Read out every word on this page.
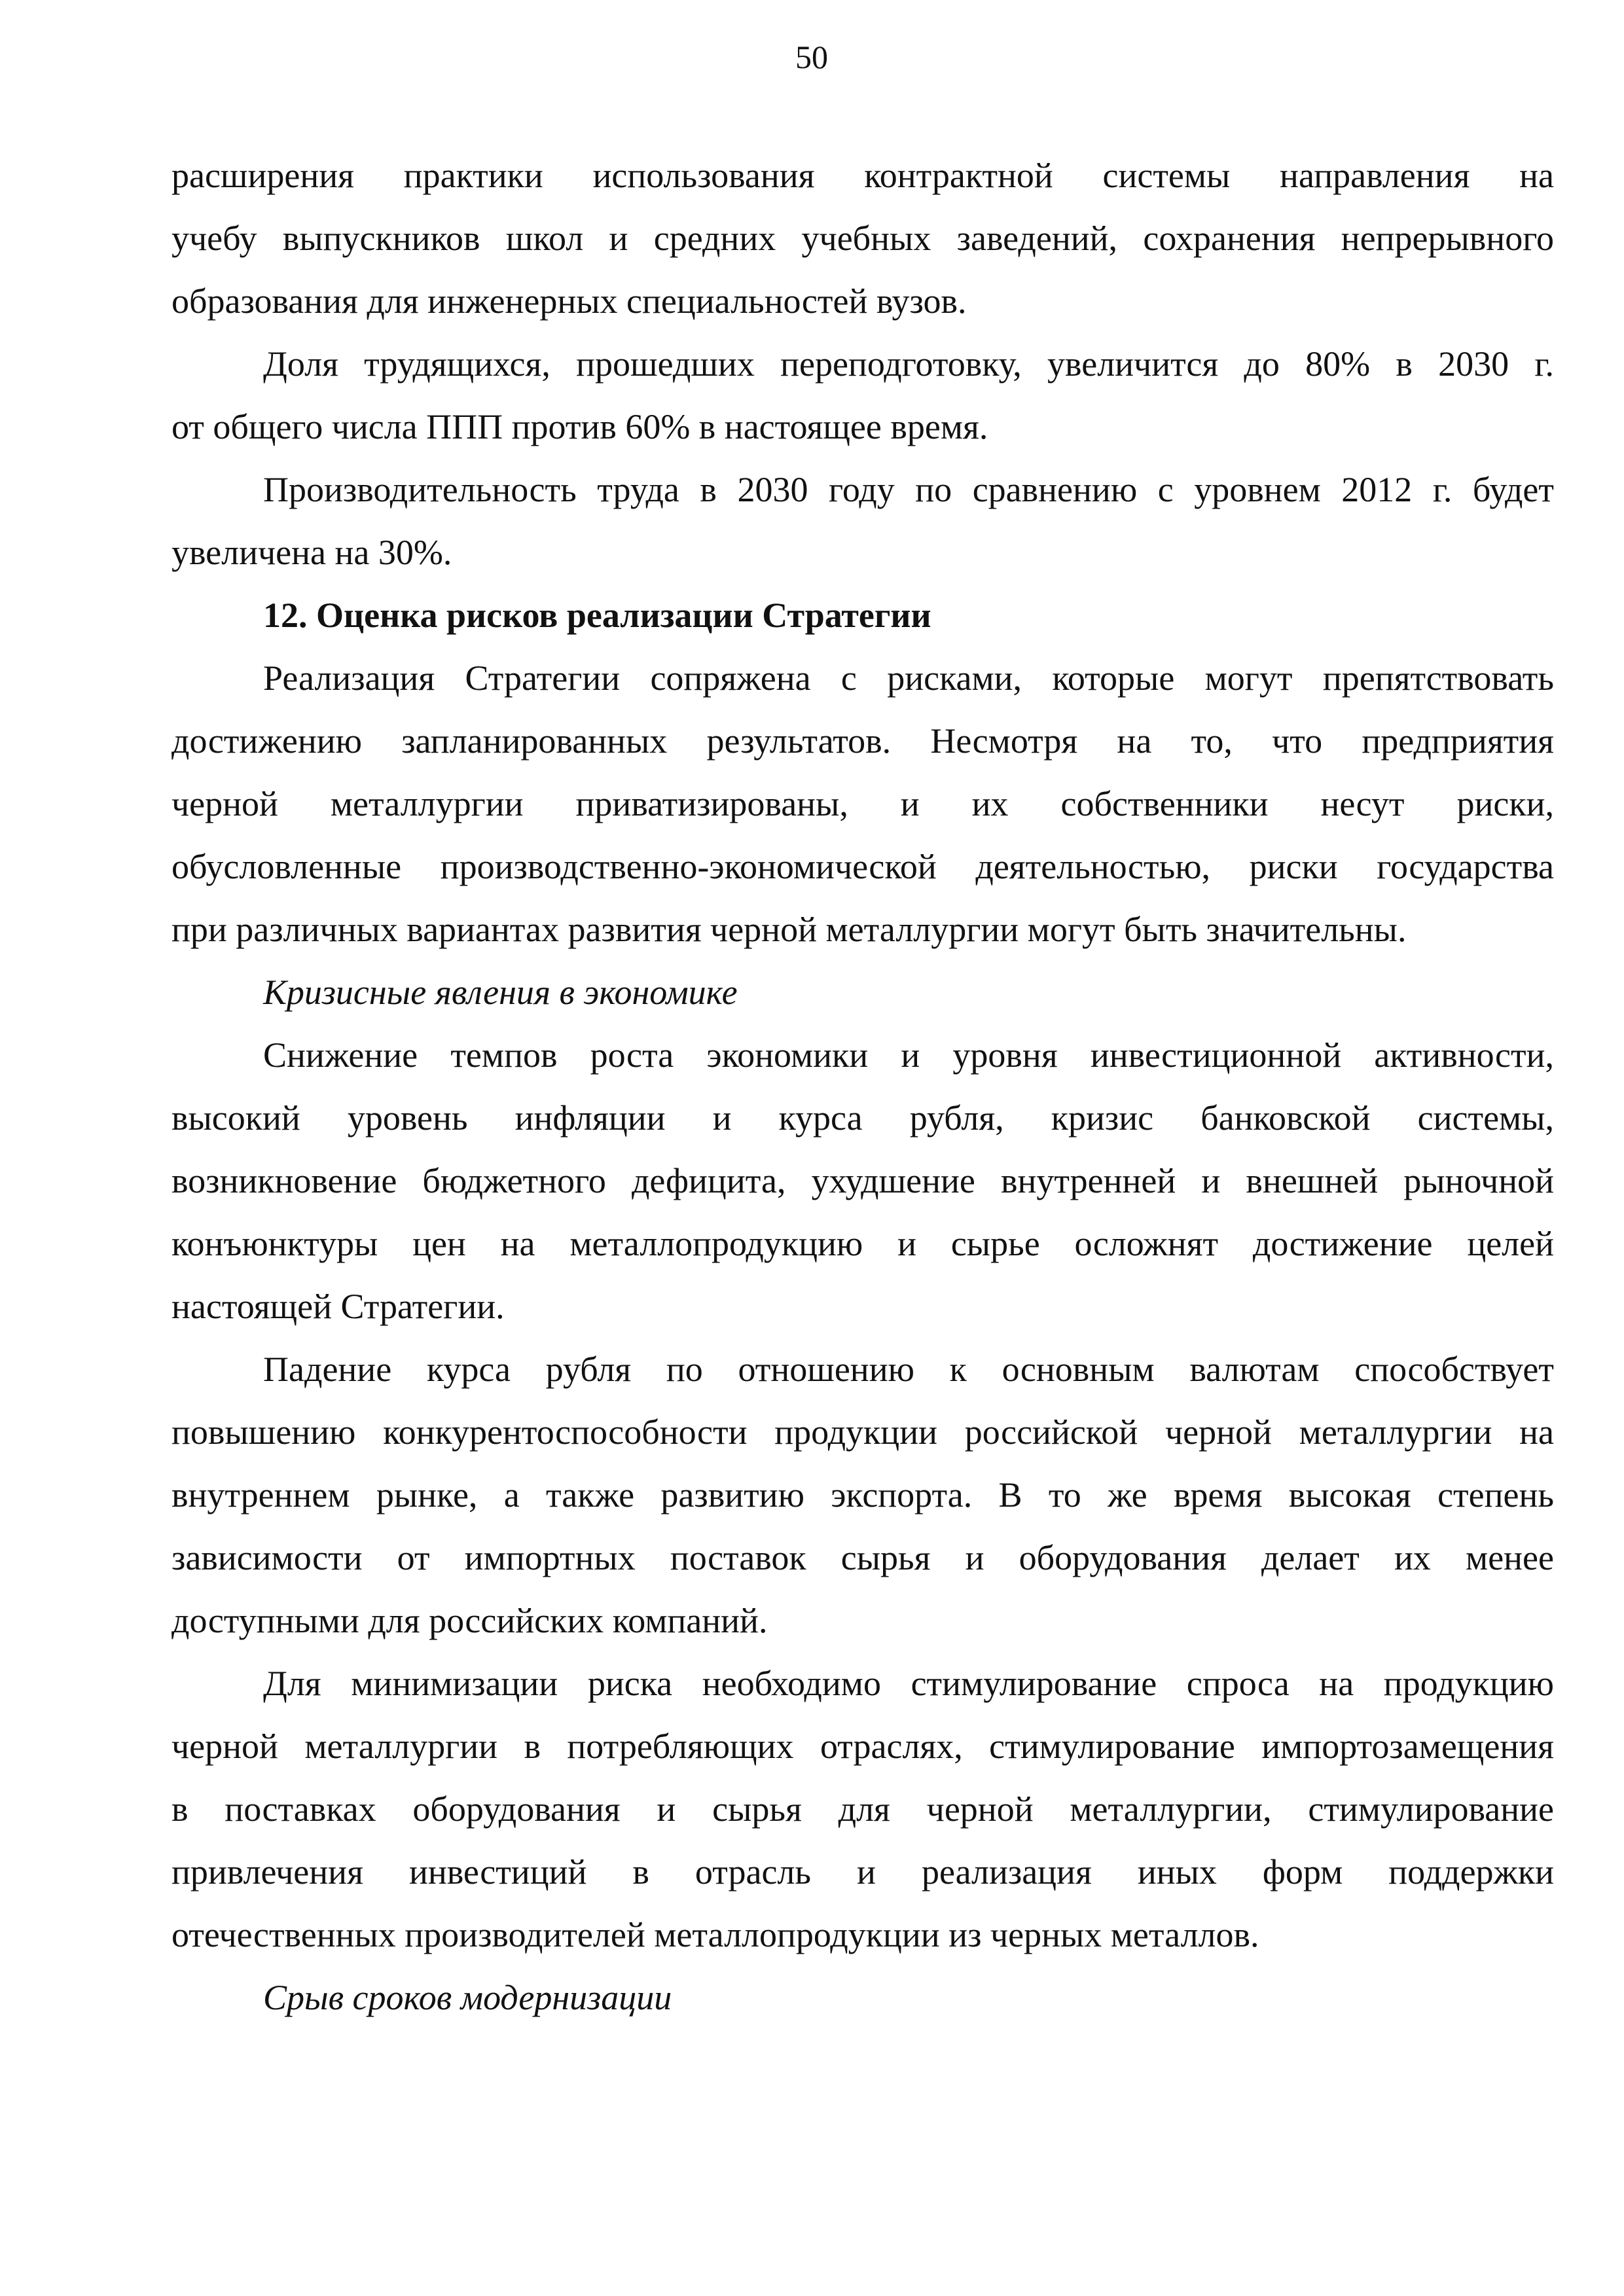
50
расширения практики использования контрактной системы направления на
учебу выпускников школ и средних учебных заведений, сохранения непрерывного
образования для инженерных специальностей вузов.
Доля трудящихся, прошедших переподготовку, увеличится до 80% в 2030 г.
от общего числа ППП против 60% в настоящее время.
Производительность труда в 2030 году по сравнению с уровнем 2012 г. будет
увеличена на 30%.
12. Оценка рисков реализации Стратегии
Реализация Стратегии сопряжена с рисками, которые могут препятствовать
достижению запланированных результатов. Несмотря на то, что предприятия
черной металлургии приватизированы, и их собственники несут риски,
обусловленные производственно-экономической деятельностью, риски государства
при различных вариантах развития черной металлургии могут быть значительны.
Кризисные явления в экономике
Снижение темпов роста экономики и уровня инвестиционной активности,
высокий уровень инфляции и курса рубля, кризис банковской системы,
возникновение бюджетного дефицита, ухудшение внутренней и внешней рыночной
конъюнктуры цен на металлопродукцию и сырье осложнят достижение целей
настоящей Стратегии.
Падение курса рубля по отношению к основным валютам способствует
повышению конкурентоспособности продукции российской черной металлургии на
внутреннем рынке, а также развитию экспорта. В то же время высокая степень
зависимости от импортных поставок сырья и оборудования делает их менее
доступными для российских компаний.
Для минимизации риска необходимо стимулирование спроса на продукцию
черной металлургии в потребляющих отраслях, стимулирование импортозамещения
в поставках оборудования и сырья для черной металлургии, стимулирование
привлечения инвестиций в отрасль и реализация иных форм поддержки
отечественных производителей металлопродукции из черных металлов.
Срыв сроков модернизации
